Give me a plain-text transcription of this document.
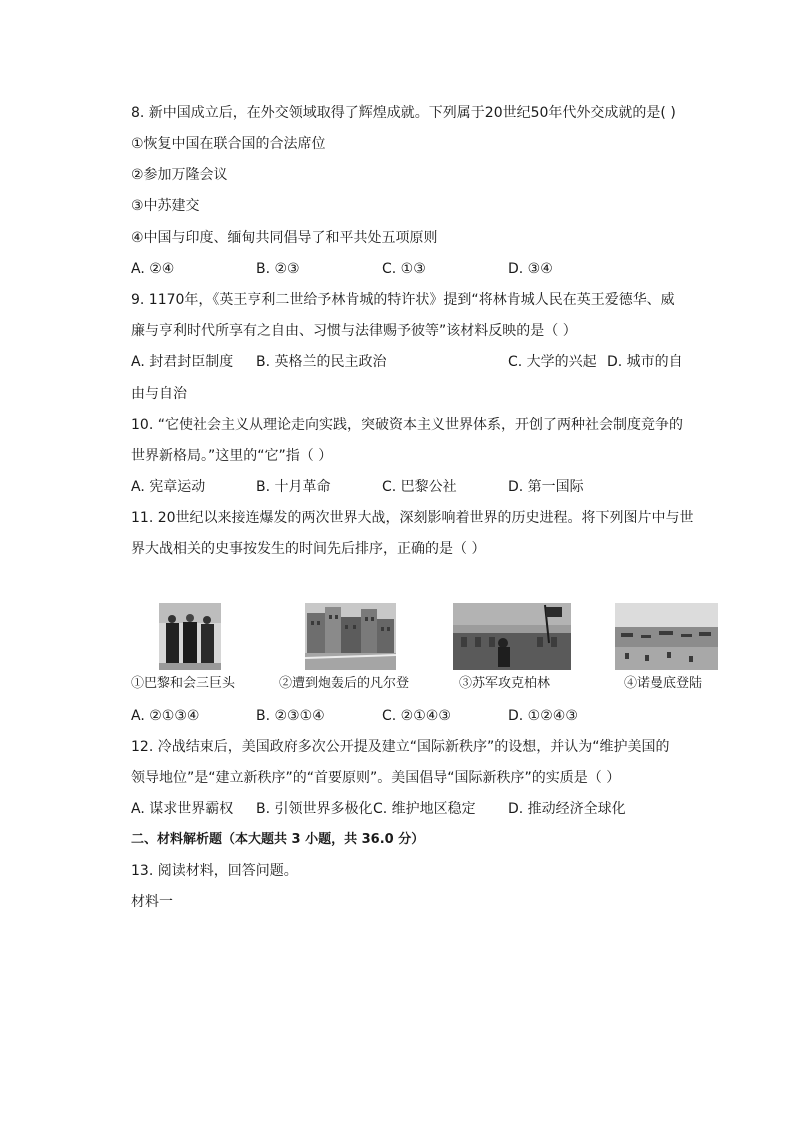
8. 新中国成立后，在外交领域取得了辉煌成就。下列属于20世纪50年代外交成就的是( )
①恢复中国在联合国的合法席位
②参加万隆会议
③中苏建交
④中国与印度、缅甸共同倡导了和平共处五项原则
A. ②④	B. ②③	C. ①③	D. ③④
9. 1170年，《英王亨利二世给予林肯城的特许状》提到“将林肯城人民在英王爱德华、威
廉与亨利时代所享有之自由、习惯与法律赐予彼等”该材料反映的是（ ）
A. 封君封臣制度 B. 英格兰的民主政治	C. 大学的兴起 D. 城市的自
由与自治
10. “它使社会主义从理论走向实践，突破资本主义世界体系，开创了两种社会制度竞争的
世界新格局。”这里的“它”指（ ）
A. 宪章运动	B. 十月革命	C. 巴黎公社	D. 第一国际
11. 20世纪以来接连爆发的两次世界大战，深刻影响着世界的历史进程。将下列图片中与世
界大战相关的史事按发生的时间先后排序，正确的是（ ）
①巴黎和会三巨头	②遭到炮轰后的凡尔登	③苏军攻克柏林	④诺曼底登陆
A. ②①③④	B. ②③①④	C. ②①④③	D. ①②④③
12. 冷战结束后，美国政府多次公开提及建立“国际新秩序”的设想，并认为“维护美国的
领导地位”是“建立新秩序”的“首要原则”。美国倡导“国际新秩序”的实质是（ ）
A. 谋求世界霸权 B. 引领世界多极化 C. 维护地区稳定 D. 推动经济全球化
二、材料解析题（本大题共 3 小题，共 36.0 分）
13. 阅读材料，回答问题。
材料一
